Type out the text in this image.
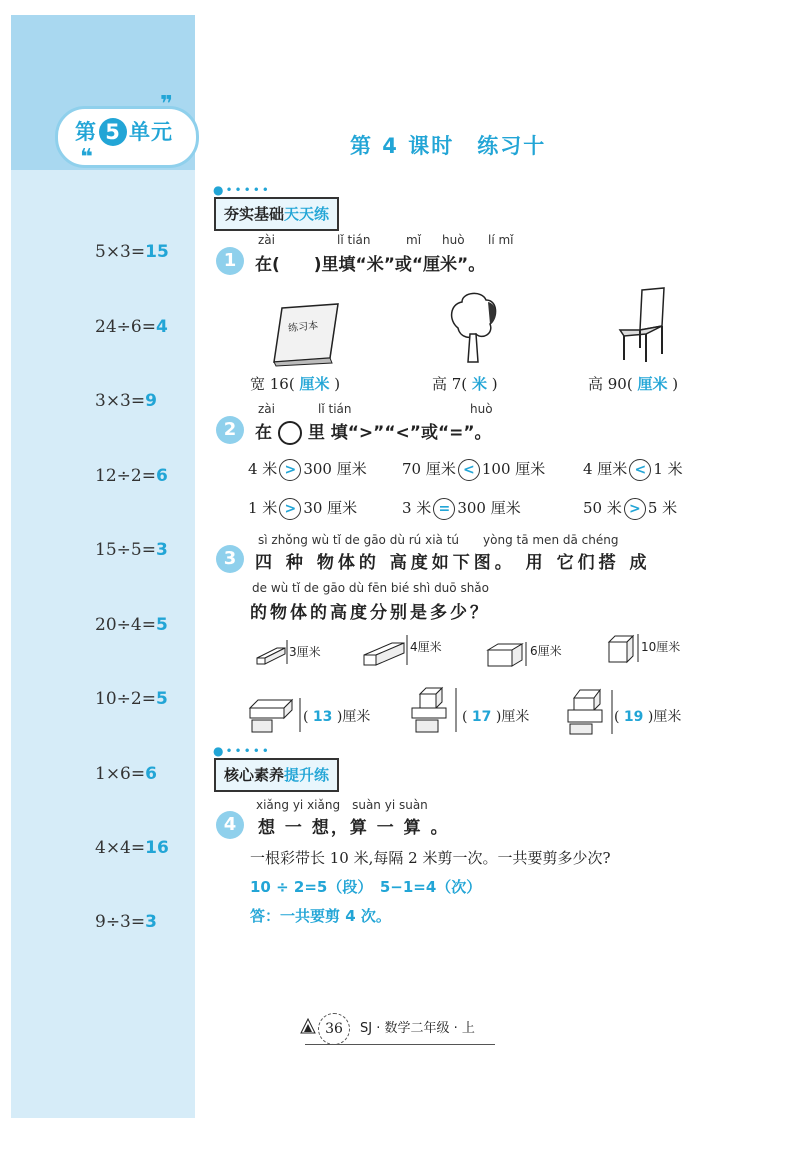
❞
❝
第 5 单元
5×3=15
24÷6=4
3×3=9
12÷2=6
15÷5=3
20÷4=5
10÷2=5
1×6=6
4×4=16
9÷3=3
第 4 课时　练习十
●•••••
夯实基础天天练
1
zài	lǐ tián	mǐ huò lí mǐ
在(　　)里填“米”或“厘米”。
练习本
宽 16( 厘米 )	高 7( 米 )	高 90( 厘米 )
2
zài	lǐ tián	huò
在 里 填“>”“<”或“=”。
4 米 > 300 厘米 70 厘米 < 100 厘米	4 厘米 < 1 米
1 米 > 30 厘米	3 米 = 300 厘米	50 米 > 5 米
3
sì zhǒng wù tǐ de gāo dù rú xià tú　　yòng tā men dā chéng
四 种 物体的 高度如下图。 用 它们搭 成
de wù tǐ de gāo dù fēn bié shì duō shǎo
的物体的高度分别是多少？
3厘米	4厘米	6厘米	10厘米
( 13 )厘米	( 17 )厘米	( 19 )厘米
●•••••
核心素养提升练
4
xiǎng yi xiǎng　suàn yi suàn
想 一 想，算 一 算 。
一根彩带长 10 米,每隔 2 米剪一次。一共要剪多少次?
10 ÷ 2=5（段）　5−1=4（次）
答：一共要剪 4 次。
36	SJ · 数学二年级 · 上
